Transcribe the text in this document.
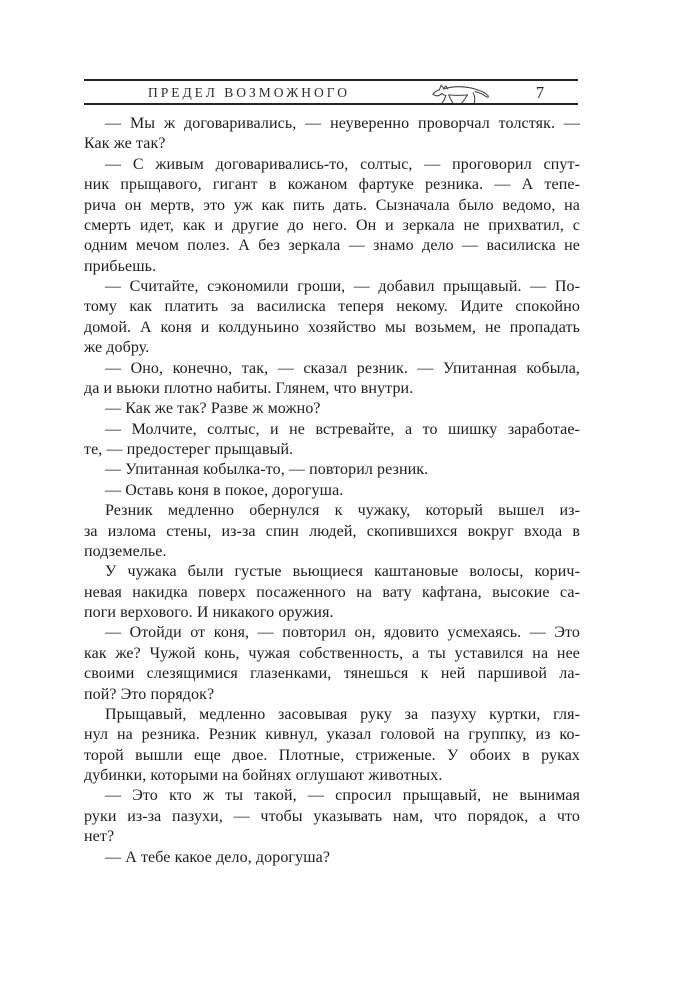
ПРЕДЕЛ ВОЗМОЖНОГО	7
— Мы ж договаривались, — неуверенно проворчал толстяк. —
Как же так?
— С живым договаривались-то, солтыс, — проговорил спут-
ник прыщавого, гигант в кожаном фартуке резника. — А тепе-
рича он мертв, это уж как пить дать. Сызначала было ведомо, на
смерть идет, как и другие до него. Он и зеркала не прихватил, с
одним мечом полез. А без зеркала — знамо дело — василиска не
прибьешь.
— Считайте, сэкономили гроши, — добавил прыщавый. — По-
тому как платить за василиска теперя некому. Идите спокойно
домой. А коня и колдуньино хозяйство мы возьмем, не пропадать
же добру.
— Оно, конечно, так, — сказал резник. — Упитанная кобыла,
да и вьюки плотно набиты. Глянем, что внутри.
— Как же так? Разве ж можно?
— Молчите, солтыс, и не встревайте, а то шишку заработае-
те, — предостерег прыщавый.
— Упитанная кобылка-то, — повторил резник.
— Оставь коня в покое, дорогуша.
Резник медленно обернулся к чужаку, который вышел из-
за излома стены, из-за спин людей, скопившихся вокруг входа в
подземелье.
У чужака были густые вьющиеся каштановые волосы, корич-
невая накидка поверх посаженного на вату кафтана, высокие са-
поги верхового. И никакого оружия.
— Отойди от коня, — повторил он, ядовито усмехаясь. — Это
как же? Чужой конь, чужая собственность, а ты уставился на нее
своими слезящимися глазенками, тянешься к ней паршивой ла-
пой? Это порядок?
Прыщавый, медленно засовывая руку за пазуху куртки, гля-
нул на резника. Резник кивнул, указал головой на группку, из ко-
торой вышли еще двое. Плотные, стриженые. У обоих в руках
дубинки, которыми на бойнях оглушают животных.
— Это кто ж ты такой, — спросил прыщавый, не вынимая
руки из-за пазухи, — чтобы указывать нам, что порядок, а что
нет?
— А тебе какое дело, дорогуша?
